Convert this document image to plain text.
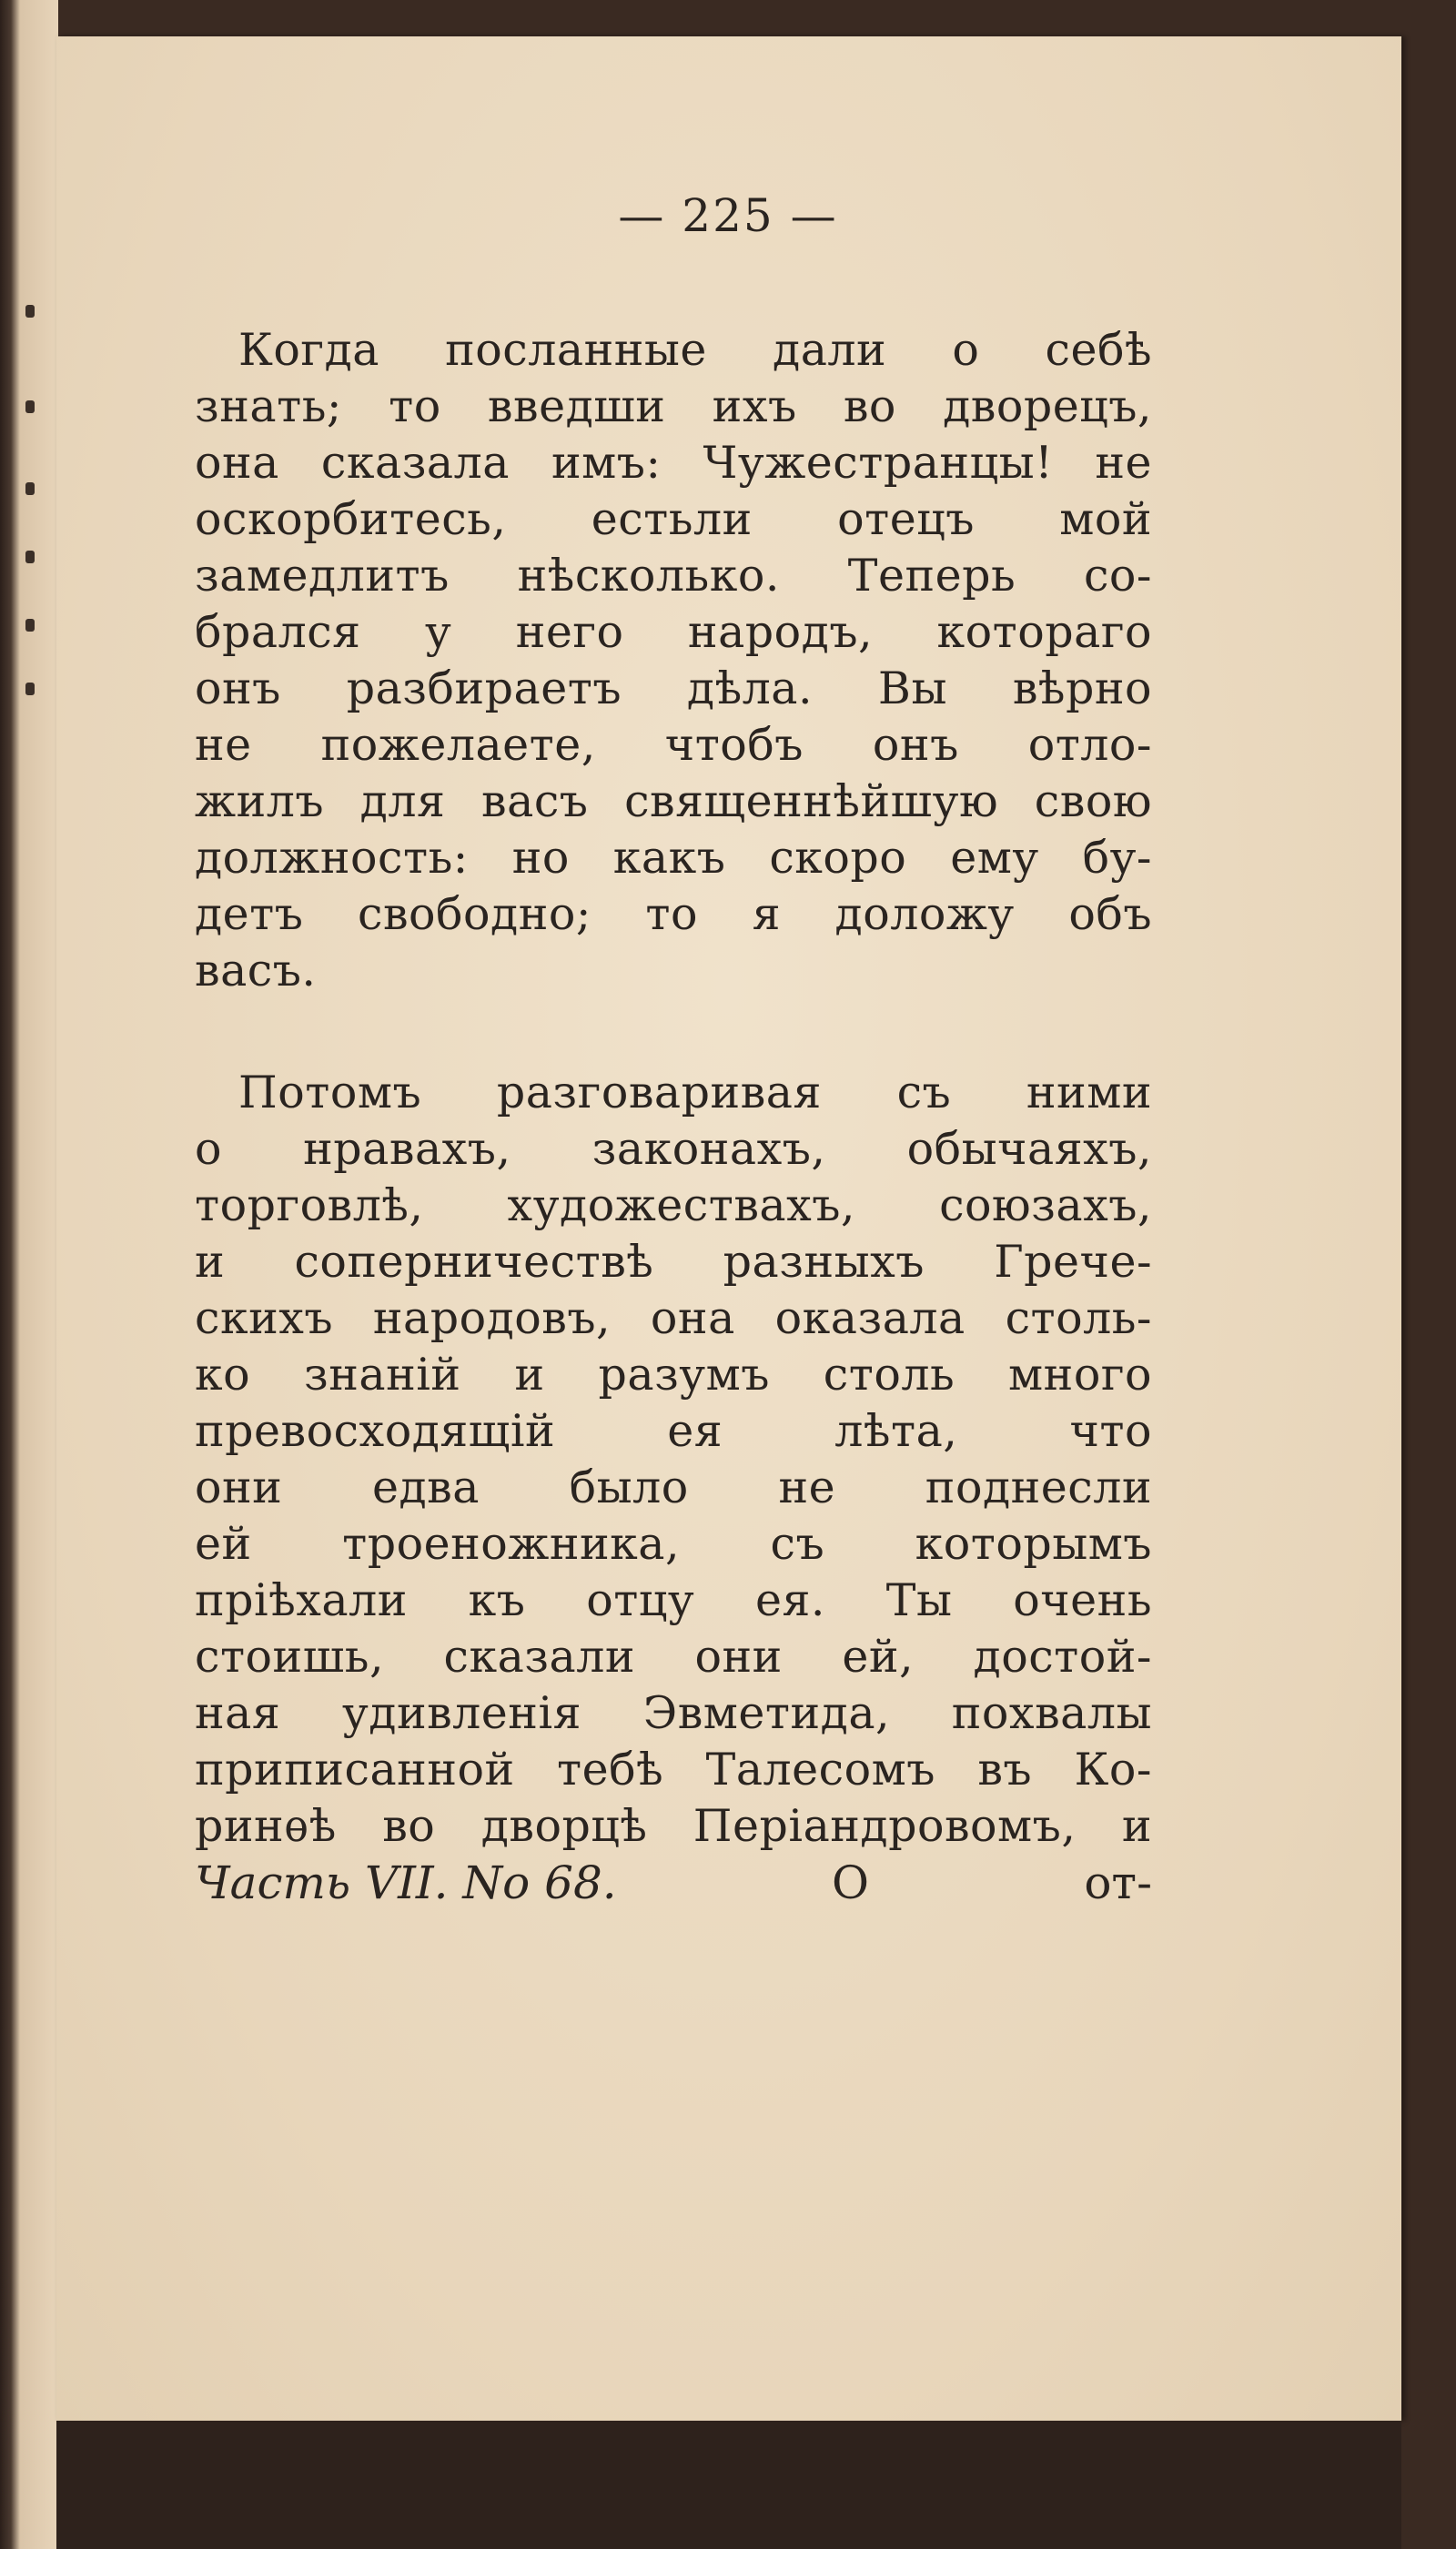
— 225 —
Когда посланные дали о себѣ
знать; то введши ихъ во дворецъ,
она сказала имъ: Чужестранцы! не
оскорбитесь, естьли отецъ мой
замедлитъ нѣсколько. Теперь со-
брался у него народъ, котораго
онъ разбираетъ дѣла. Вы вѣрно
не пожелаете, чтобъ онъ отло-
жилъ для васъ священнѣйшую свою
должность: но какъ скоро ему бу-
детъ свободно; то я доложу объ
васъ.
Потомъ разговаривая съ ними
о нравахъ, законахъ, обычаяхъ,
торговлѣ, художествахъ, союзахъ,
и соперничествѣ разныхъ Грече-
скихъ народовъ, она оказала столь-
ко знаній и разумъ столь много
превосходящій ея лѣта, что
они едва было не поднесли
ей троеножника, съ которымъ
пріѣхали къ отцу ея. Ты очень
стоишь, сказали они ей, достой-
ная удивленія Эвметида, похвалы
приписанной тебѣ Талесомъ въ Ко-
ринѳѣ во дворцѣ Періандровомъ, и
Часть VII. No 68.	О	от-
